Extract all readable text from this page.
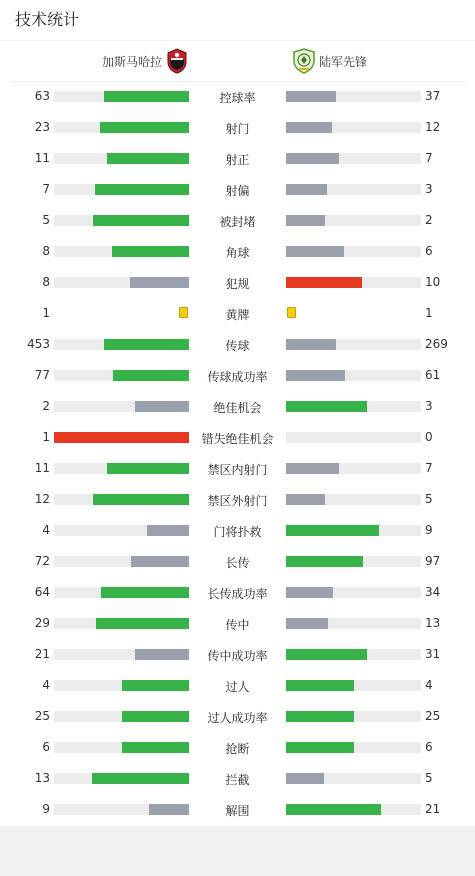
技术统计
加斯马哈拉	陆军先锋
63	控球率	37
23	射门	12
11	射正	7
7	射偏	3
5	被封堵	2
8	角球	6
8	犯规	10
1	黄牌	1
453	传球	269
77	传球成功率	61
2	绝佳机会	3
1	错失绝佳机会	0
11	禁区内射门	7
12	禁区外射门	5
4	门将扑救	9
72	长传	97
64	长传成功率	34
29	传中	13
21	传中成功率	31
4	过人	4
25	过人成功率	25
6	抢断	6
13	拦截	5
9	解围	21
